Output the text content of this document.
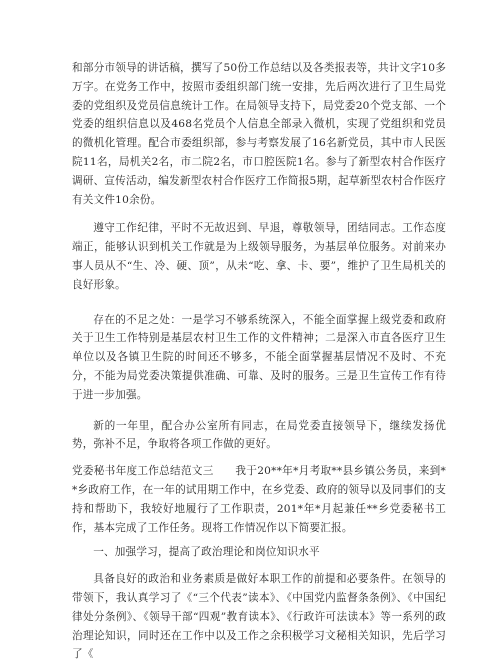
和部分市领导的讲话稿，撰写了50份工作总结以及各类报表等，共计文字10多万字。在党务工作中，按照市委组织部门统一安排，先后两次进行了卫生局党委的党组织及党员信息统计工作。在局领导支持下，局党委20个党支部、一个党委的组织信息以及468名党员个人信息全部录入微机，实现了党组织和党员的微机化管理。配合市委组织部，参与考察发展了16名新党员，其中市人民医院11名，局机关2名，市二院2名，市口腔医院1名。参与了新型农村合作医疗调研、宣传活动，编发新型农村合作医疗工作简报5期，起草新型农村合作医疗有关文件10余份。

遵守工作纪律，平时不无故迟到、早退，尊敬领导，团结同志。工作态度端正，能够认识到机关工作就是为上级领导服务，为基层单位服务。对前来办事人员从不“生、冷、硬、顶”，从未“吃、拿、卡、要”，维护了卫生局机关的良好形象。

存在的不足之处：一是学习不够系统深入，不能全面掌握上级党委和政府关于卫生工作特别是基层农村卫生工作的文件精神；二是深入市直各医疗卫生单位以及各镇卫生院的时间还不够多，不能全面掌握基层情况不及时、不充分，不能为局党委决策提供准确、可靠、及时的服务。三是卫生宣传工作有待于进一步加强。

新的一年里，配合办公室所有同志，在局党委直接领导下，继续发扬优势，弥补不足，争取将各项工作做的更好。

党委秘书年度工作总结范文三　　我于20**年*月考取**县乡镇公务员，来到**乡政府工作，在一年的试用期工作中，在乡党委、政府的领导以及同事们的支持和帮助下，我较好地履行了工作职责，201*年*月起兼任**乡党委秘书工作，基本完成了工作任务。现将工作情况作以下简要汇报。

一、加强学习，提高了政治理论和岗位知识水平

具备良好的政治和业务素质是做好本职工作的前提和必要条件。在领导的带领下，我认真学习了《“三个代表”读本》、《中国党内监督条条例》、《中国纪律处分条例》、《领导干部“四观”教育读本》、《行政许可法读本》等一系列的政治理论知识，同时还在工作中以及工作之余积极学习文秘相关知识，先后学习了《
